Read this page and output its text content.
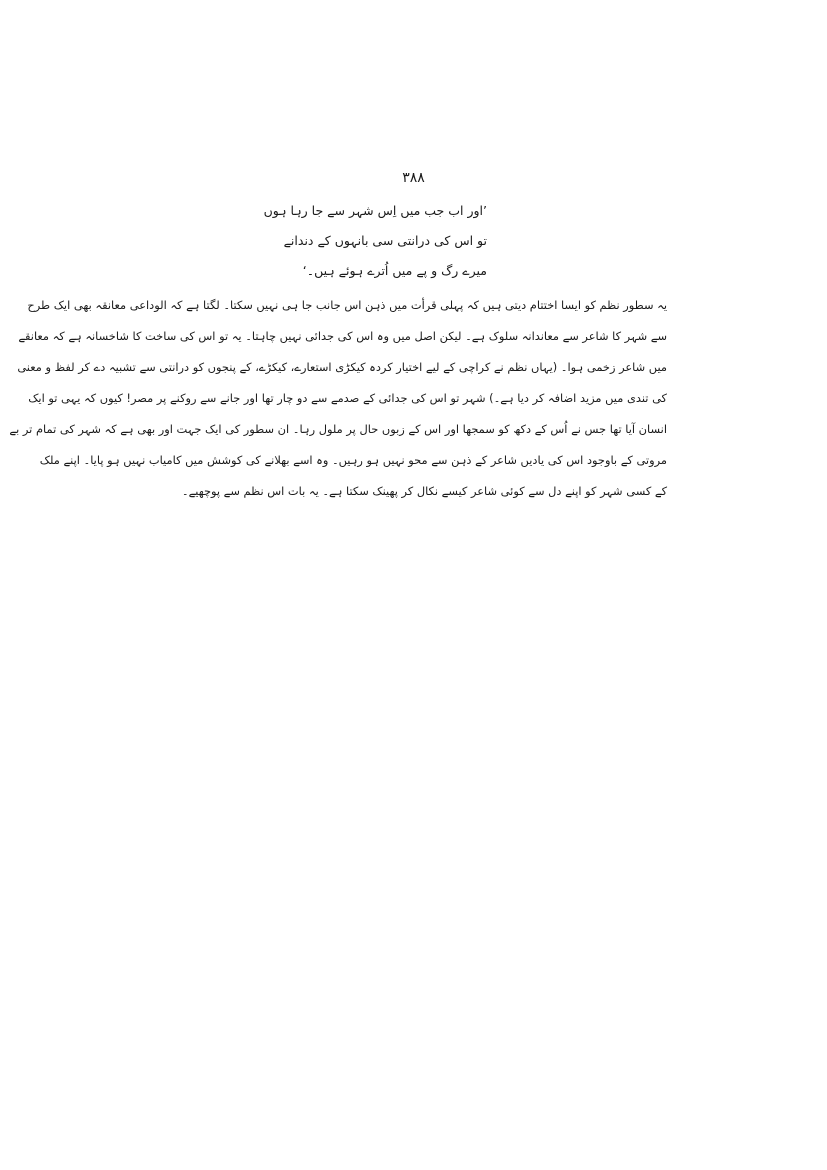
۳۸۸
’اور اب جب میں اِس شہر سے جا رہا ہوں
تو اس کی درانتی سی بانہوں کے دندانے
میرے رگ و پے میں اُترے ہوئے ہیں۔‘
یہ سطور نظم کو ایسا اختتام دیتی ہیں کہ پہلی قرأت میں ذہن اس جانب جا ہی نہیں سکتا۔ لگتا ہے کہ الوداعی معانقہ بھی ایک طرح
سے شہر کا شاعر سے معاندانہ سلوک ہے۔ لیکن اصل میں وہ اس کی جدائی نہیں چاہتا۔ یہ تو اس کی ساخت کا شاخسانہ ہے کہ معانقے
میں شاعر زخمی ہوا۔ (یہاں نظم نے کراچی کے لیے اختیار کردہ کیکڑی استعارے، کیکڑے، کے پنجوں کو درانتی سے تشبیہ دے کر لفظ و معنی
کی تندی میں مزید اضافہ کر دیا ہے۔) شہر تو اس کی جدائی کے صدمے سے دو چار تھا اور جانے سے روکنے پر مصر! کیوں کہ یہی تو ایک
انسان آیا تھا جس نے اُس کے دکھ کو سمجھا اور اس کے زبوں حال پر ملول رہا۔ ان سطور کی ایک جہت اور بھی ہے کہ شہر کی تمام تر بے
مروتی کے باوجود اس کی یادیں شاعر کے ذہن سے محو نہیں ہو رہیں۔ وہ اسے بھلانے کی کوشش میں کامیاب نہیں ہو پایا۔ اپنے ملک
کے کسی شہر کو اپنے دل سے کوئی شاعر کیسے نکال کر پھینک سکتا ہے۔ یہ بات اس نظم سے پوچھیے۔
